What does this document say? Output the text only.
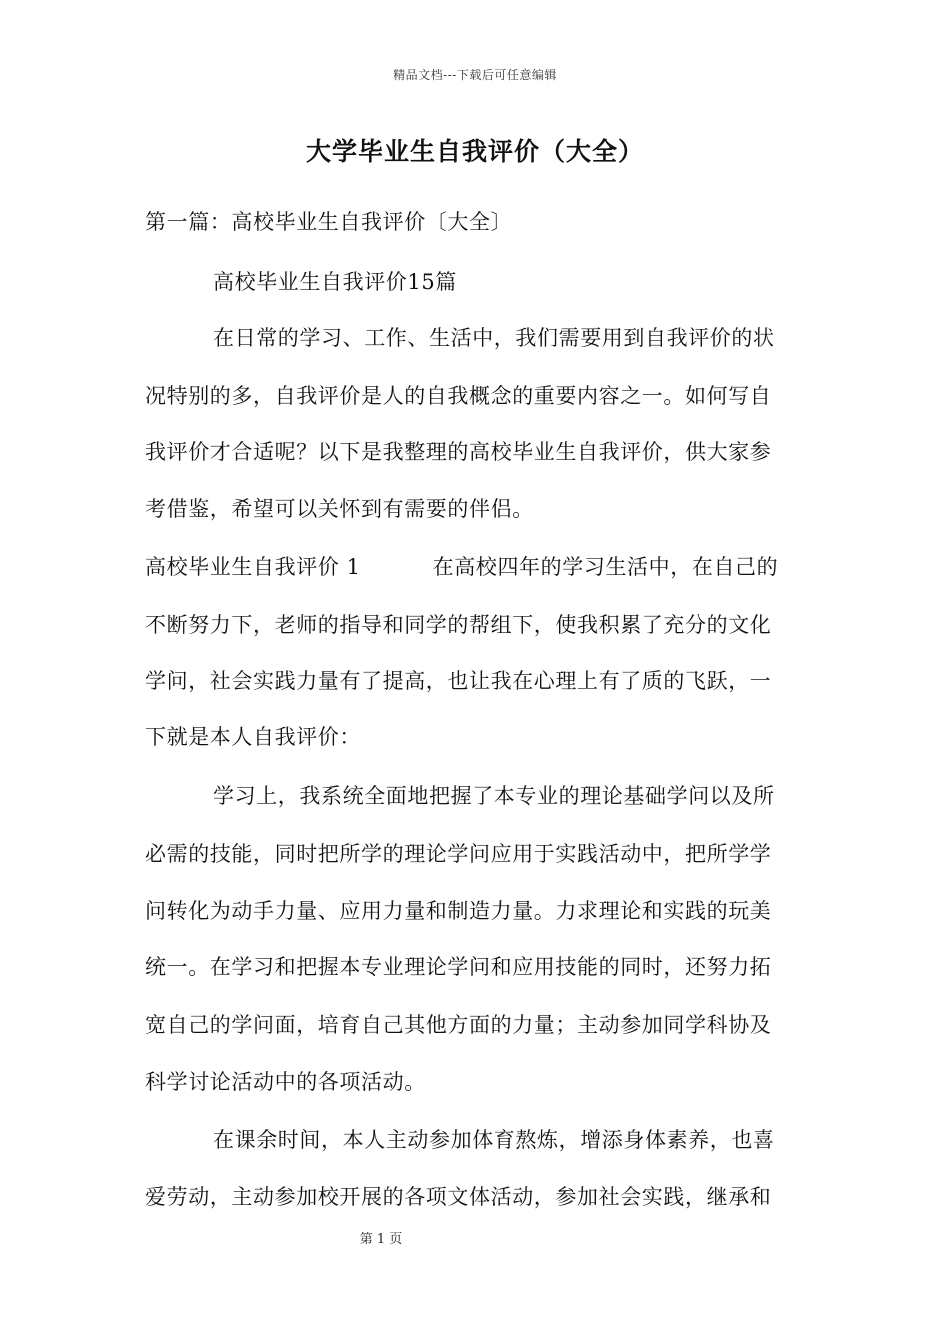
精品文档---下载后可任意编辑
大学毕业生自我评价（大全）
第一篇：高校毕业生自我评价〔大全〕
高校毕业生自我评价15篇
在日常的学习、工作、生活中，我们需要用到自我评价的状
况特别的多，自我评价是人的自我概念的重要内容之一。如何写自
我评价才合适呢？以下是我整理的高校毕业生自我评价，供大家参
考借鉴，希望可以关怀到有需要的伴侣。
高校毕业生自我评价 1	在高校四年的学习生活中，在自己的
不断努力下，老师的指导和同学的帮组下，使我积累了充分的文化
学问，社会实践力量有了提高，也让我在心理上有了质的飞跃，一
下就是本人自我评价：
学习上，我系统全面地把握了本专业的理论基础学问以及所
必需的技能，同时把所学的理论学问应用于实践活动中，把所学学
问转化为动手力量、应用力量和制造力量。力求理论和实践的玩美
统一。在学习和把握本专业理论学问和应用技能的同时，还努力拓
宽自己的学问面，培育自己其他方面的力量；主动参加同学科协及
科学讨论活动中的各项活动。
在课余时间，本人主动参加体育熬炼，增添身体素养，也喜
爱劳动，主动参加校开展的各项文体活动，参加社会实践，继承和
第 1 页
